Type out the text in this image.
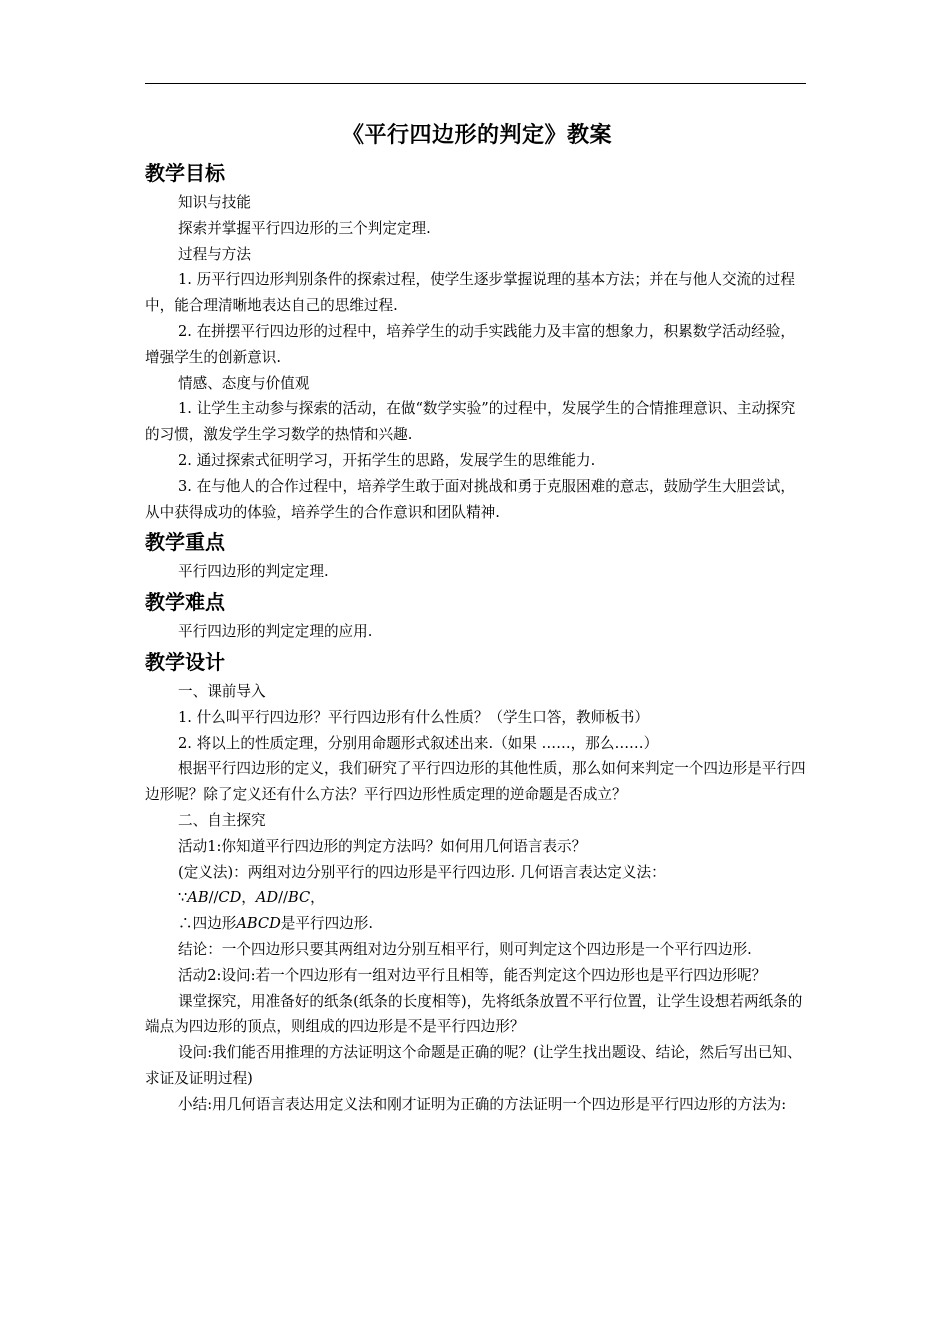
《平行四边形的判定》教案
教学目标

知识与技能

探索并掌握平行四边形的三个判定定理.

过程与方法

1. 历平行四边形判别条件的探索过程，使学生逐步掌握说理的基本方法；并在与他人交流的过程中，能合理清晰地表达自己的思维过程.

2. 在拼摆平行四边形的过程中，培养学生的动手实践能力及丰富的想象力，积累数学活动经验，增强学生的创新意识.

情感、态度与价值观

1. 让学生主动参与探索的活动，在做“数学实验”的过程中，发展学生的合情推理意识、主动探究的习惯，激发学生学习数学的热情和兴趣.

2. 通过探索式征明学习，开拓学生的思路，发展学生的思维能力.

3. 在与他人的合作过程中，培养学生敢于面对挑战和勇于克服困难的意志，鼓励学生大胆尝试，从中获得成功的体验，培养学生的合作意识和团队精神.

教学重点

平行四边形的判定定理.

教学难点

平行四边形的判定定理的应用.

教学设计

一、课前导入

1. 什么叫平行四边形？平行四边形有什么性质？（学生口答，教师板书）

2. 将以上的性质定理，分别用命题形式叙述出来.（如果 ……，那么……）

根据平行四边形的定义，我们研究了平行四边形的其他性质，那么如何来判定一个四边形是平行四边形呢？除了定义还有什么方法？平行四边形性质定理的逆命题是否成立？

二、自主探究

活动1:你知道平行四边形的判定方法吗？如何用几何语言表示？

(定义法)：两组对边分别平行的四边形是平行四边形. 几何语言表达定义法：

∵AB//CD，AD//BC，

∴四边形ABCD是平行四边形.

结论：一个四边形只要其两组对边分别互相平行，则可判定这个四边形是一个平行四边形.

活动2:设问:若一个四边形有一组对边平行且相等，能否判定这个四边形也是平行四边形呢？

课堂探究，用准备好的纸条(纸条的长度相等)，先将纸条放置不平行位置，让学生设想若两纸条的端点为四边形的顶点，则组成的四边形是不是平行四边形？

设问:我们能否用推理的方法证明这个命题是正确的呢？(让学生找出题设、结论，然后写出已知、求证及证明过程)

小结:用几何语言表达用定义法和刚才证明为正确的方法证明一个四边形是平行四边形的方法为:
